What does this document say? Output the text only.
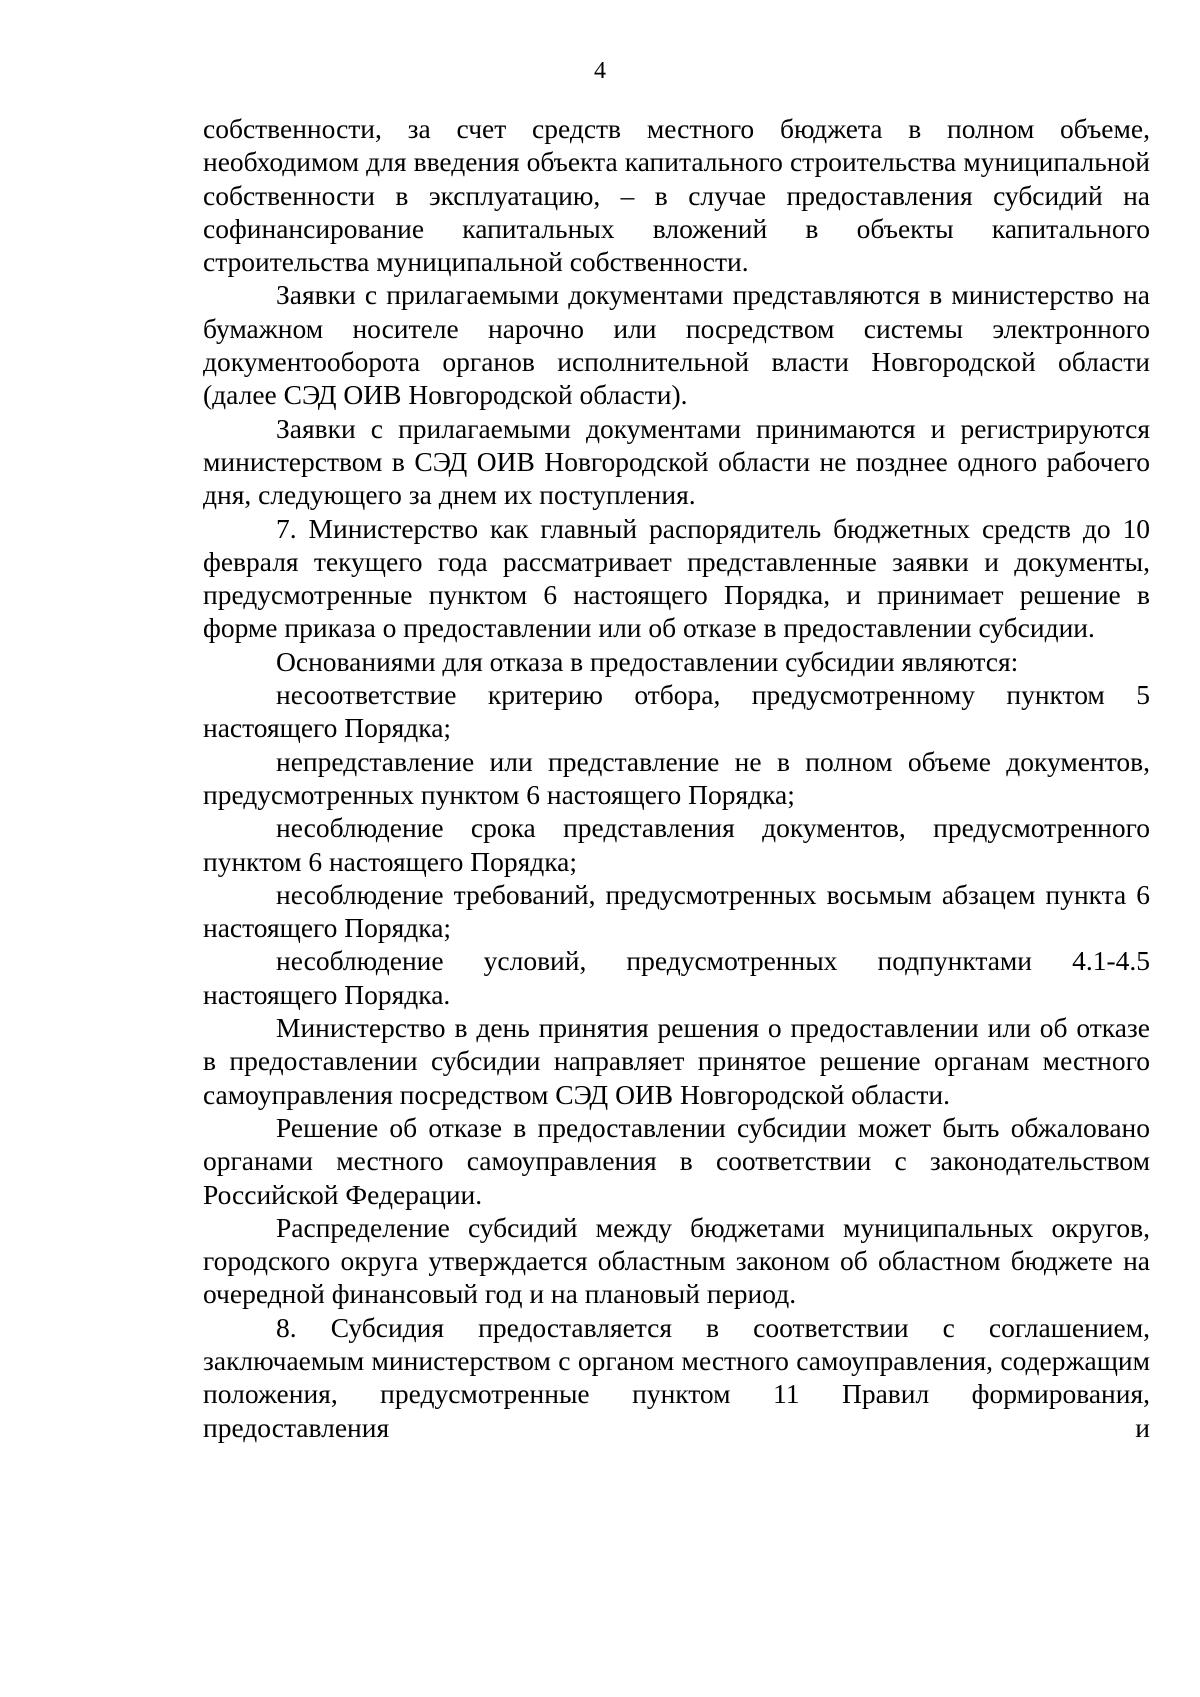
4

собственности, за счет средств местного бюджета в полном объеме, необходимом для введения объекта капитального строительства муниципальной собственности в эксплуатацию, – в случае предоставления субсидий на софинансирование капитальных вложений в объекты капитального строительства муниципальной собственности.

Заявки с прилагаемыми документами представляются в министерство на бумажном носителе нарочно или посредством системы электронного документооборота органов исполнительной власти Новгородской области (далее СЭД ОИВ Новгородской области).

Заявки с прилагаемыми документами принимаются и регистрируются министерством в СЭД ОИВ Новгородской области не позднее одного рабочего дня, следующего за днем их поступления.

7. Министерство как главный распорядитель бюджетных средств до 10 февраля текущего года рассматривает представленные заявки и документы, предусмотренные пунктом 6 настоящего Порядка, и принимает решение в форме приказа о предоставлении или об отказе в предоставлении субсидии.

Основаниями для отказа в предоставлении субсидии являются:

несоответствие критерию отбора, предусмотренному пунктом 5 настоящего Порядка;

непредставление или представление не в полном объеме документов, предусмотренных пунктом 6 настоящего Порядка;

несоблюдение срока представления документов, предусмотренного пунктом 6 настоящего Порядка;

несоблюдение требований, предусмотренных восьмым абзацем пункта 6 настоящего Порядка;

несоблюдение условий, предусмотренных подпунктами 4.1-4.5 настоящего Порядка.

Министерство в день принятия решения о предоставлении или об отказе в предоставлении субсидии направляет принятое решение органам местного самоуправления посредством СЭД ОИВ Новгородской области.

Решение об отказе в предоставлении субсидии может быть обжаловано органами местного самоуправления в соответствии с законодательством Российской Федерации.

Распределение субсидий между бюджетами муниципальных округов, городского округа утверждается областным законом об областном бюджете на очередной финансовый год и на плановый период.

8. Субсидия предоставляется в соответствии с соглашением, заключаемым министерством с органом местного самоуправления, содержащим положения, предусмотренные пунктом 11 Правил формирования, предоставления и
